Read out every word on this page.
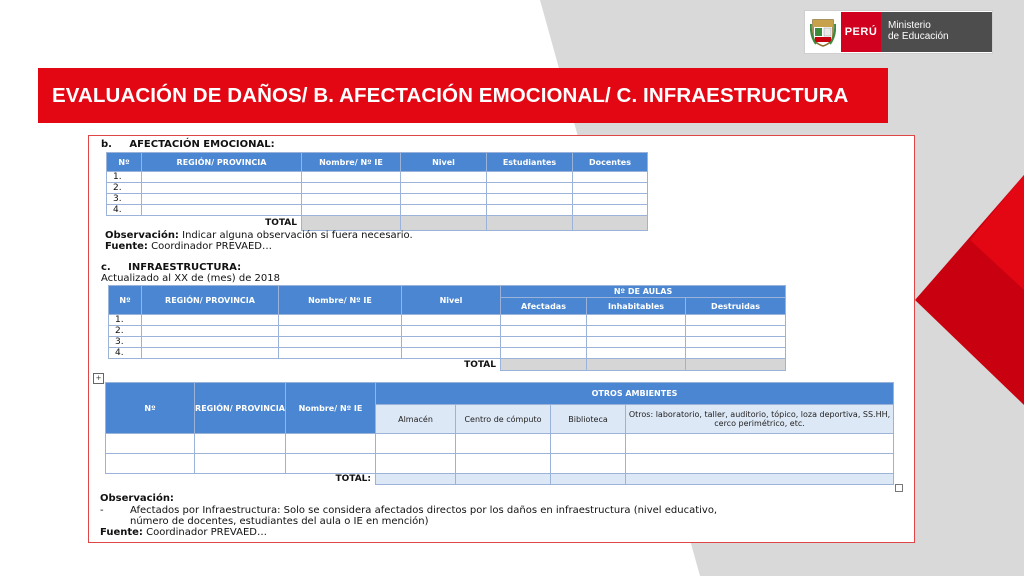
PERÚ
Ministerio
de Educación
EVALUACIÓN DE DAÑOS/ B. AFECTACIÓN EMOCIONAL/ C. INFRAESTRUCTURA
b.     AFECTACIÓN EMOCIONAL:
Nº	REGIÓN/ PROVINCIA	Nombre/ Nº IE	Nivel	Estudiantes	Docentes
1.					
2.					
3.					
4.					
TOTAL					
Observación: Indicar alguna observación si fuera necesario.
Fuente: Coordinador PREVAED…
c.     INFRAESTRUCTURA:
Actualizado al XX de (mes) de 2018
Nº	REGIÓN/ PROVINCIA	Nombre/ Nº IE	Nivel	Nº DE AULAS		
				Afectadas	Inhabitables	Destruidas
1.						
2.						
3.						
4.						
			TOTAL			
+
Nº	REGIÓN/ PROVINCIA	Nombre/ Nº IE	OTROS AMBIENTES			
			Almacén	Centro de cómputo	Biblioteca	Otros: laboratorio, taller, auditorio, tópico, loza deportiva, SS.HH, cerco perimétrico, etc.

		TOTAL:				
Observación:
-	Afectados por Infraestructura: Solo se considera afectados directos por los daños en infraestructura (nivel educativo,
número de docentes, estudiantes del aula o IE en mención)
Fuente: Coordinador PREVAED…
